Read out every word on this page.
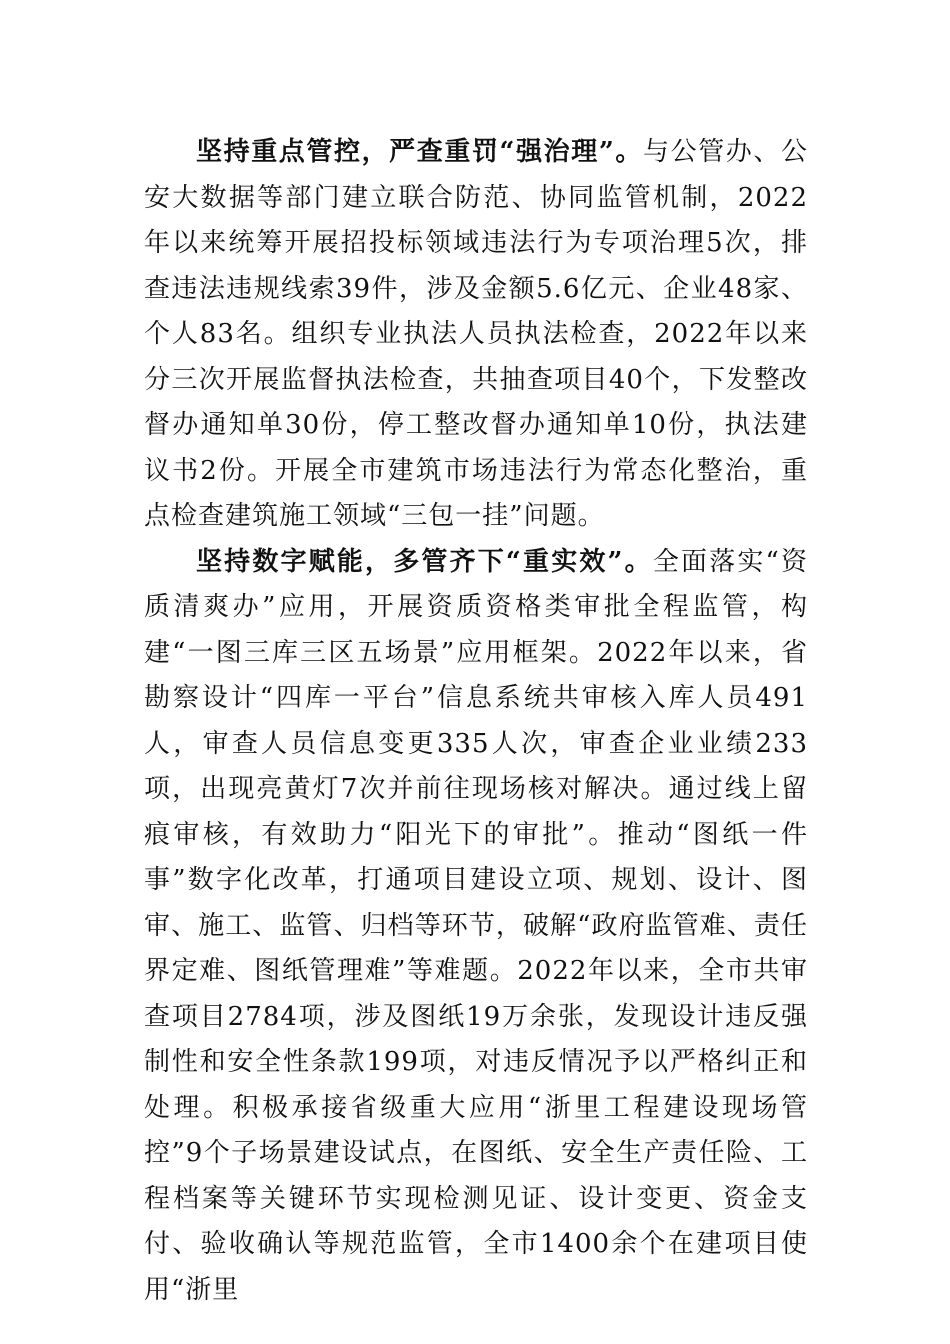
坚持重点管控，严查重罚“强治理”。与公管办、公安大数据等部门建立联合防范、协同监管机制，2022年以来统筹开展招投标领域违法行为专项治理5次，排查违法违规线索39件，涉及金额5.6亿元、企业48家、个人83名。组织专业执法人员执法检查，2022年以来分三次开展监督执法检查，共抽查项目40个，下发整改督办通知单30份，停工整改督办通知单10份，执法建议书2份。开展全市建筑市场违法行为常态化整治，重点检查建筑施工领域“三包一挂”问题。

坚持数字赋能，多管齐下“重实效”。全面落实“资质清爽办”应用，开展资质资格类审批全程监管，构建“一图三库三区五场景”应用框架。2022年以来，省勘察设计“四库一平台”信息系统共审核入库人员491人，审查人员信息变更335人次，审查企业业绩233项，出现亮黄灯7次并前往现场核对解决。通过线上留痕审核，有效助力“阳光下的审批”。推动“图纸一件事”数字化改革，打通项目建设立项、规划、设计、图审、施工、监管、归档等环节，破解“政府监管难、责任界定难、图纸管理难”等难题。2022年以来，全市共审查项目2784项，涉及图纸19万余张，发现设计违反强制性和安全性条款199项，对违反情况予以严格纠正和处理。积极承接省级重大应用“浙里工程建设现场管控”9个子场景建设试点，在图纸、安全生产责任险、工程档案等关键环节实现检测见证、设计变更、资金支付、验收确认等规范监管，全市1400余个在建项目使用“浙里
